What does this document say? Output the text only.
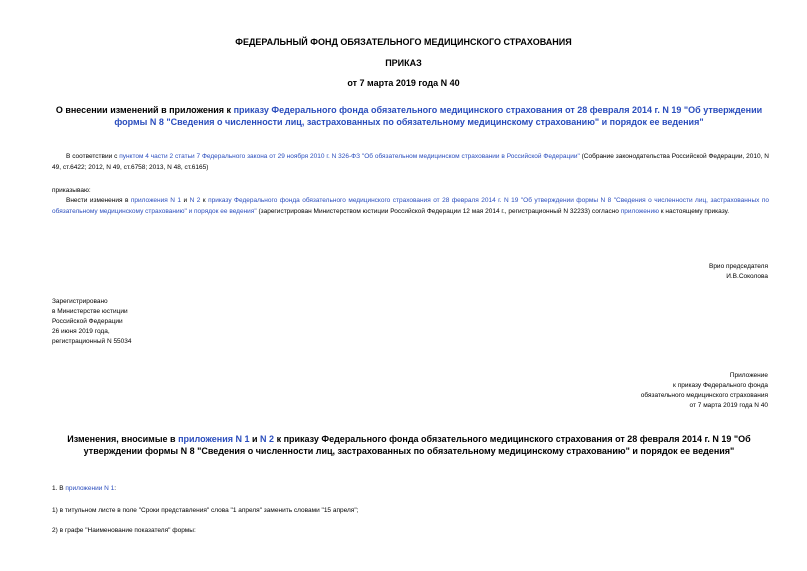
ФЕДЕРАЛЬНЫЙ ФОНД ОБЯЗАТЕЛЬНОГО МЕДИЦИНСКОГО СТРАХОВАНИЯ
ПРИКАЗ
от 7 марта 2019 года N 40
О внесении изменений в приложения к приказу Федерального фонда обязательного медицинского страхования от 28 февраля 2014 г. N 19 "Об утверждении формы N 8 "Сведения о численности лиц, застрахованных по обязательному медицинскому страхованию" и порядок ее ведения"
В соответствии с пунктом 4 части 2 статьи 7 Федерального закона от 29 ноября 2010 г. N 326-ФЗ "Об обязательном медицинском страховании в Российской Федерации" (Собрание законодательства Российской Федерации, 2010, N 49, ст.6422; 2012, N 49, ст.6758; 2013, N 48, ст.6165)
приказываю:
Внести изменения в приложения N 1 и N 2 к приказу Федерального фонда обязательного медицинского страхования от 28 февраля 2014 г. N 19 "Об утверждении формы N 8 "Сведения о численности лиц, застрахованных по обязательному медицинскому страхованию" и порядок ее ведения" (зарегистрирован Министерством юстиции Российской Федерации 12 мая 2014 г., регистрационный N 32233) согласно приложению к настоящему приказу.
Врио председателя
И.В.Соколова
Зарегистрировано
в Министерстве юстиции
Российской Федерации
26 июня 2019 года,
регистрационный N 55034
Приложение
к приказу Федерального фонда
обязательного медицинского страхования
от 7 марта 2019 года N 40
Изменения, вносимые в приложения N 1 и N 2 к приказу Федерального фонда обязательного медицинского страхования от 28 февраля 2014 г. N 19 "Об утверждении формы N 8 "Сведения о численности лиц, застрахованных по обязательному медицинскому страхованию" и порядок ее ведения"
1. В приложении N 1:
1) в титульном листе в поле "Сроки представления" слова "1 апреля" заменить словами "15 апреля";
2) в графе "Наименование показателя" формы:
